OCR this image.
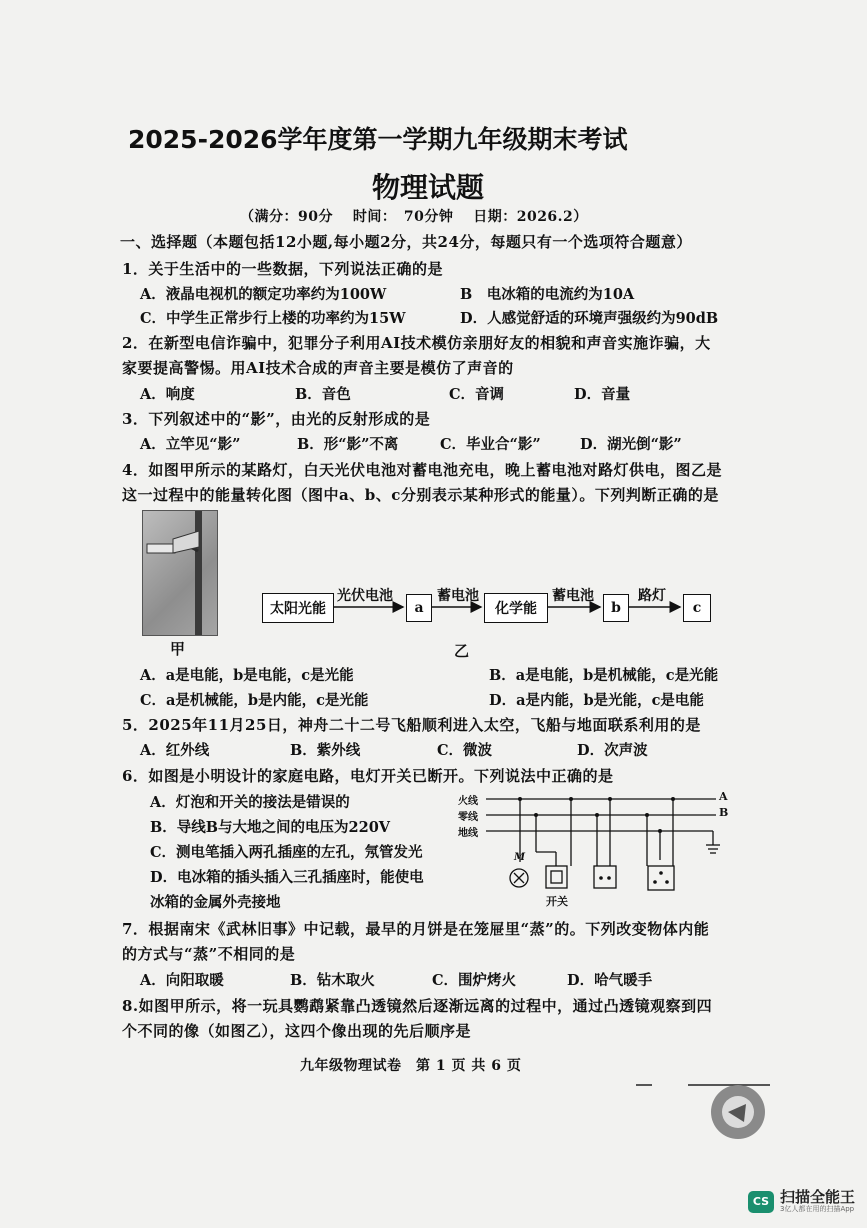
2025-2026学年度第一学期九年级期末考试
物理试题
（满分：90分　 时间：　70分钟　 日期：2026.2）
一、选择题（本题包括12小题,每小题2分，共24分，每题只有一个选项符合题意）
1．关于生活中的一些数据，下列说法正确的是
A．液晶电视机的额定功率约为100W	B　电冰箱的电流约为10A
C．中学生正常步行上楼的功率约为15W	D．人感觉舒适的环境声强级约为90dB
2．在新型电信诈骗中，犯罪分子利用AI技术模仿亲朋好友的相貌和声音实施诈骗，大
家要提高警惕。用AI技术合成的声音主要是模仿了声音的
A．响度	B．音色	C．音调	D．音量
3．下列叙述中的“影”，由光的反射形成的是
A．立竿见“影”	B．形“影”不离	C．毕业合“影”	D．湖光倒“影”
4．如图甲所示的某路灯，白天光伏电池对蓄电池充电，晚上蓄电池对路灯供电，图乙是
这一过程中的能量转化图（图中a、b、c分别表示某种形式的能量）。下列判断正确的是
甲
太阳光能
光伏电池
a
蓄电池
化学能
蓄电池
b
路灯
c
乙
A．a是电能，b是电能，c是光能	B．a是电能，b是机械能，c是光能
C．a是机械能，b是内能，c是光能	D．a是内能，b是光能，c是电能
5．2025年11月25日，神舟二十二号飞船顺利进入太空，飞船与地面联系利用的是
A．红外线	B．紫外线	C．微波	D．次声波
6．如图是小明设计的家庭电路，电灯开关已断开。下列说法中正确的是
A．灯泡和开关的接法是错误的
B．导线B与大地之间的电压为220V
C．测电笔插入两孔插座的左孔，氖管发光
D．电冰箱的插头插入三孔插座时，能使电
冰箱的金属外壳接地
火线
零线
地线
A
B
M
开关
7．根据南宋《武林旧事》中记载，最早的月饼是在笼屉里“蒸”的。下列改变物体内能
的方式与“蒸”不相同的是
A．向阳取暖	B．钻木取火	C．围炉烤火	D．哈气暖手
8.如图甲所示，将一玩具鹦鹉紧靠凸透镜然后逐渐远离的过程中，通过凸透镜观察到四
个不同的像（如图乙），这四个像出现的先后顺序是
九年级物理试卷　第 1 页 共 6 页
CS 扫描全能王
3亿人都在用的扫描App
